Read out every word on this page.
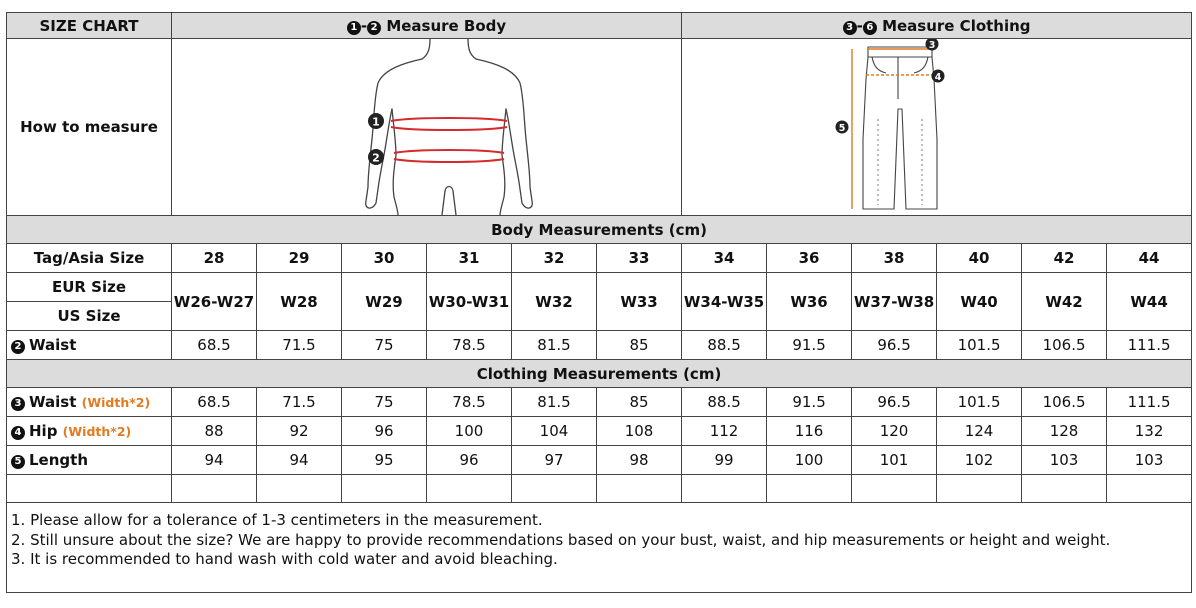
SIZE CHART	1 - 2 Measure Body						3 - 6 Measure Clothing					
How to measure	1
2						3
4
5					

Body Measurements (cm)												
Tag/Asia Size	28	29	30	31	32	33	34	36	38	40	42	44
EUR Size	W26-W27	W28	W29	W30-W31	W32	W33	W34-W35	W36	W37-W38	W40	W42	W44
US Size												
2 Waist	68.5	71.5	75	78.5	81.5	85	88.5	91.5	96.5	101.5	106.5	111.5
Clothing Measurements (cm)												
3 Waist (Width*2)	68.5	71.5	75	78.5	81.5	85	88.5	91.5	96.5	101.5	106.5	111.5
4 Hip (Width*2)	88	92	96	100	104	108	112	116	120	124	128	132
5 Length	94	94	95	96	97	98	99	100	101	102	103	103

1. Please allow for a tolerance of 1-3 centimeters in the measurement.
2. Still unsure about the size? We are happy to provide recommendations based on your bust, waist, and hip measurements or height and weight.
3. It is recommended to hand wash with cold water and avoid bleaching.												
